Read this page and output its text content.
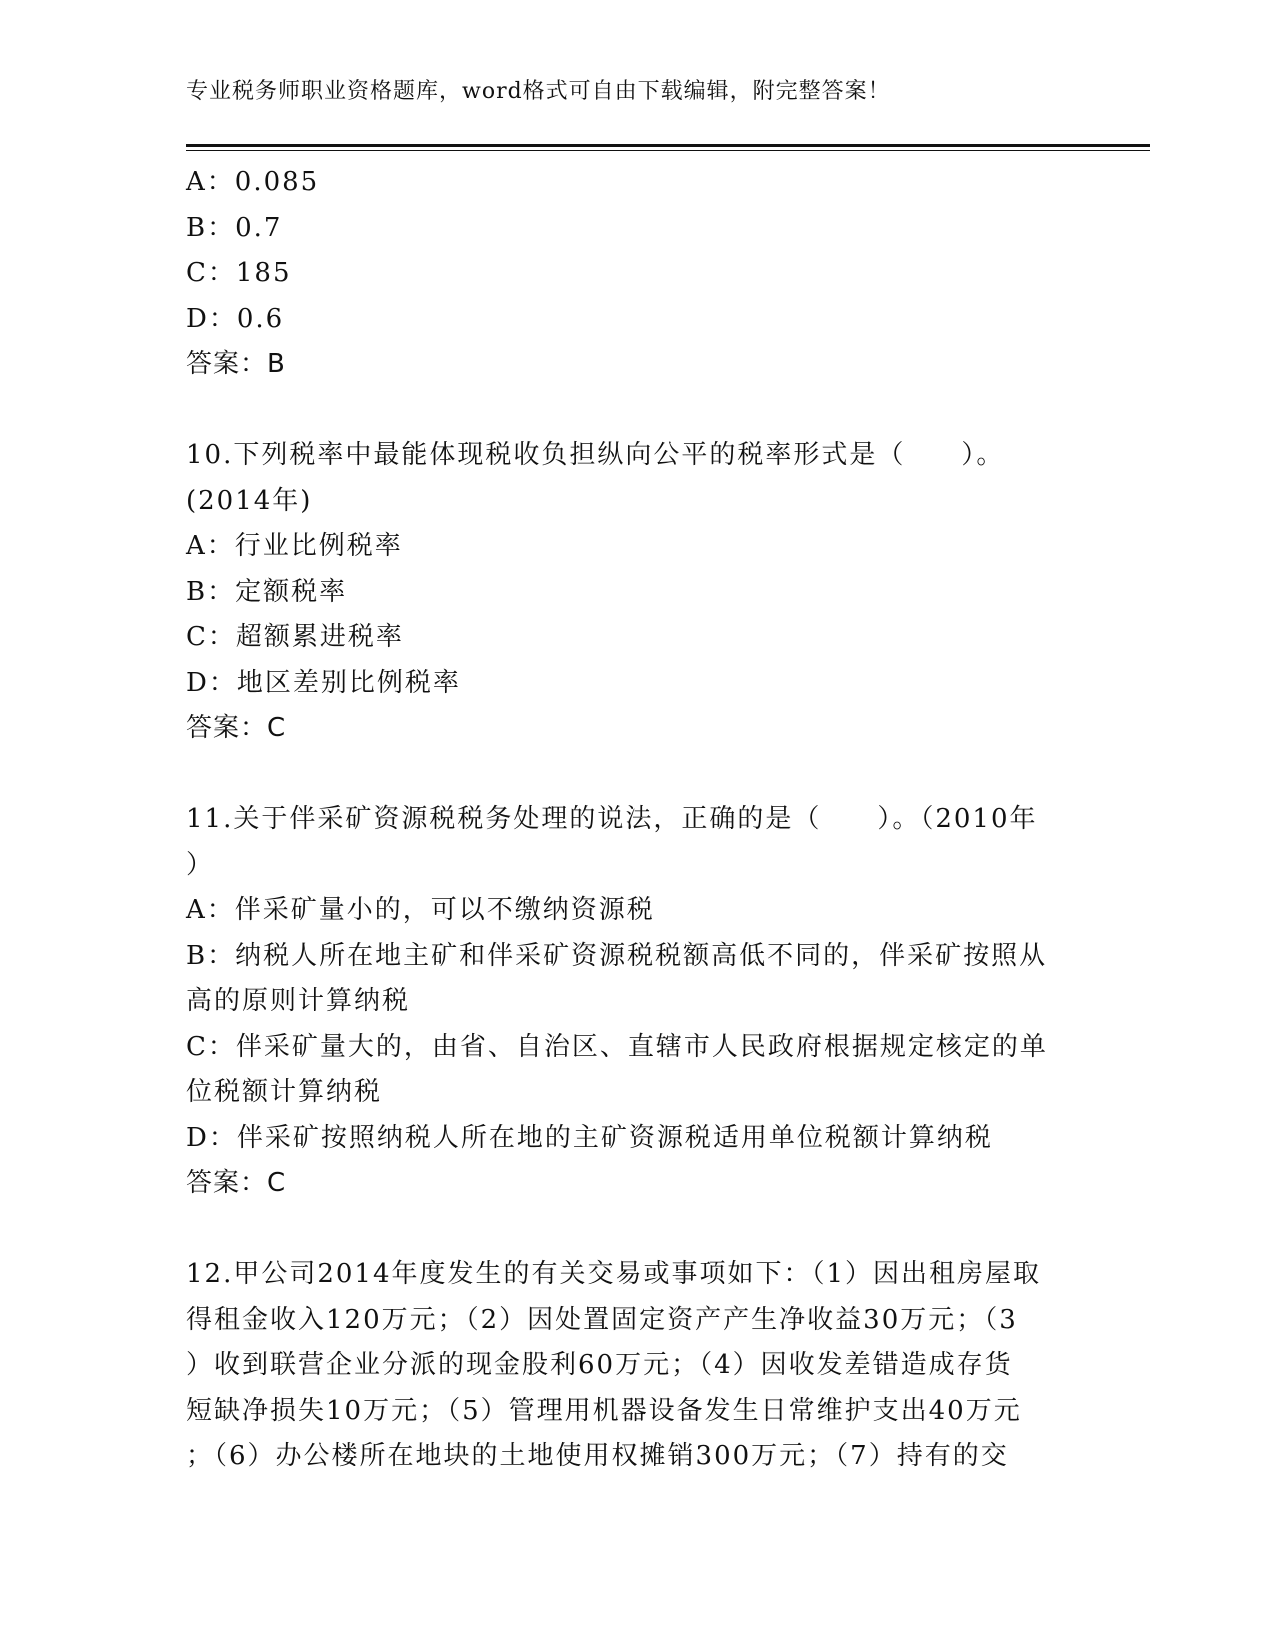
专业税务师职业资格题库，word格式可自由下载编辑，附完整答案！
A：0.085
B：0.7
C：185
D：0.6
答案：B
10.下列税率中最能体现税收负担纵向公平的税率形式是（　　）。
(2014年)
A：行业比例税率
B：定额税率
C：超额累进税率
D：地区差别比例税率
答案：C
11.关于伴采矿资源税税务处理的说法，正确的是（　　）。（2010年
）
A：伴采矿量小的，可以不缴纳资源税
B：纳税人所在地主矿和伴采矿资源税税额高低不同的，伴采矿按照从
高的原则计算纳税
C：伴采矿量大的，由省、自治区、直辖市人民政府根据规定核定的单
位税额计算纳税
D：伴采矿按照纳税人所在地的主矿资源税适用单位税额计算纳税
答案：C
12.甲公司2014年度发生的有关交易或事项如下：（1）因出租房屋取
得租金收入120万元；（2）因处置固定资产产生净收益30万元；（3
）收到联营企业分派的现金股利60万元；（4）因收发差错造成存货
短缺净损失10万元；（5）管理用机器设备发生日常维护支出40万元
；（6）办公楼所在地块的土地使用权摊销300万元；（7）持有的交
